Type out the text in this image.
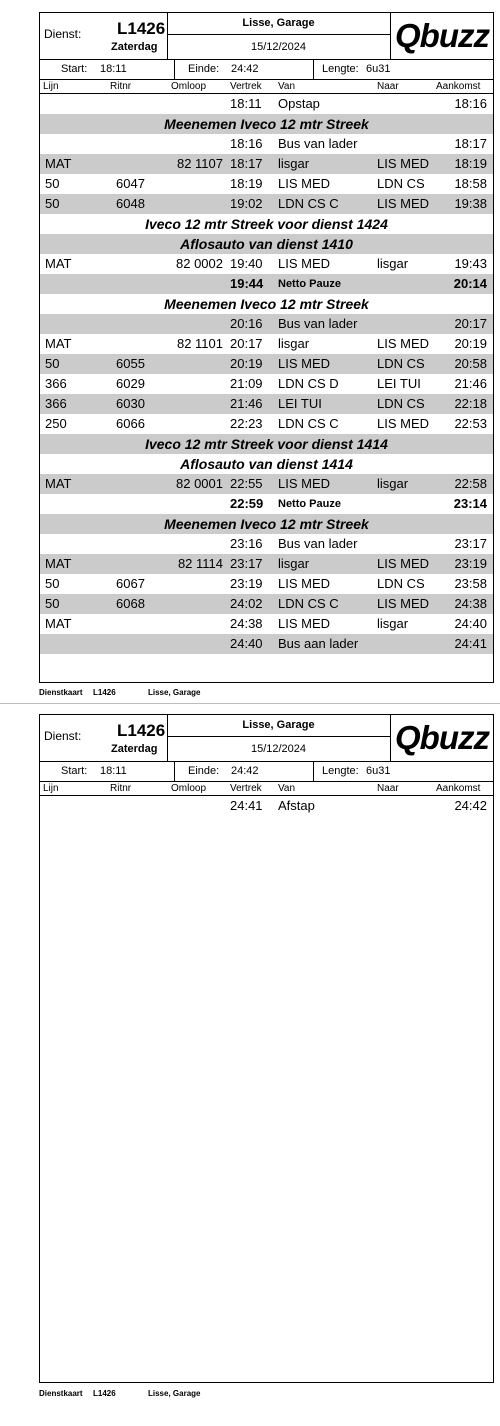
Dienst: L1426
Zaterdag
Lisse, Garage
15/12/2024	Qbuzz
Start: 18:11	Einde: 24:42	Lengte: 6u31
Lijn	Ritnr	Omloop Vertrek Van	Naar	Aankomst
18:11 Opstap	18:16
Meenemen Iveco 12 mtr Streek
18:16 Bus van lader	18:17
MAT	82 1107 18:17 lisgar	LIS MED 18:19
50	6047	18:19 LIS MED	LDN CS 18:58
50	6048	19:02 LDN CS C	LIS MED 19:38
Iveco 12 mtr Streek voor dienst 1424
Aflosauto van dienst 1410
MAT	82 0002 19:40 LIS MED	lisgar	19:43
19:44 Netto Pauze	20:14
Meenemen Iveco 12 mtr Streek
20:16 Bus van lader	20:17
MAT	82 1101 20:17 lisgar	LIS MED 20:19
50	6055	20:19 LIS MED	LDN CS 20:58
366	6029	21:09 LDN CS D	LEI TUI	21:46
366	6030	21:46 LEI TUI	LDN CS 22:18
250	6066	22:23 LDN CS C	LIS MED 22:53
Iveco 12 mtr Streek voor dienst 1414
Aflosauto van dienst 1414
MAT	82 0001 22:55 LIS MED	lisgar	22:58
22:59 Netto Pauze	23:14
Meenemen Iveco 12 mtr Streek
23:16 Bus van lader	23:17
MAT	82 1114 23:17 lisgar	LIS MED 23:19
50	6067	23:19 LIS MED	LDN CS 23:58
50	6068	24:02 LDN CS C	LIS MED 24:38
MAT	24:38 LIS MED	lisgar	24:40
24:40 Bus aan lader	24:41
Dienstkaart L1426	Lisse, Garage
Dienst: L1426
Zaterdag
Lisse, Garage
15/12/2024	Qbuzz
Start: 18:11	Einde: 24:42	Lengte: 6u31
Lijn	Ritnr	Omloop Vertrek Van	Naar	Aankomst
24:41 Afstap	24:42
Dienstkaart L1426	Lisse, Garage
